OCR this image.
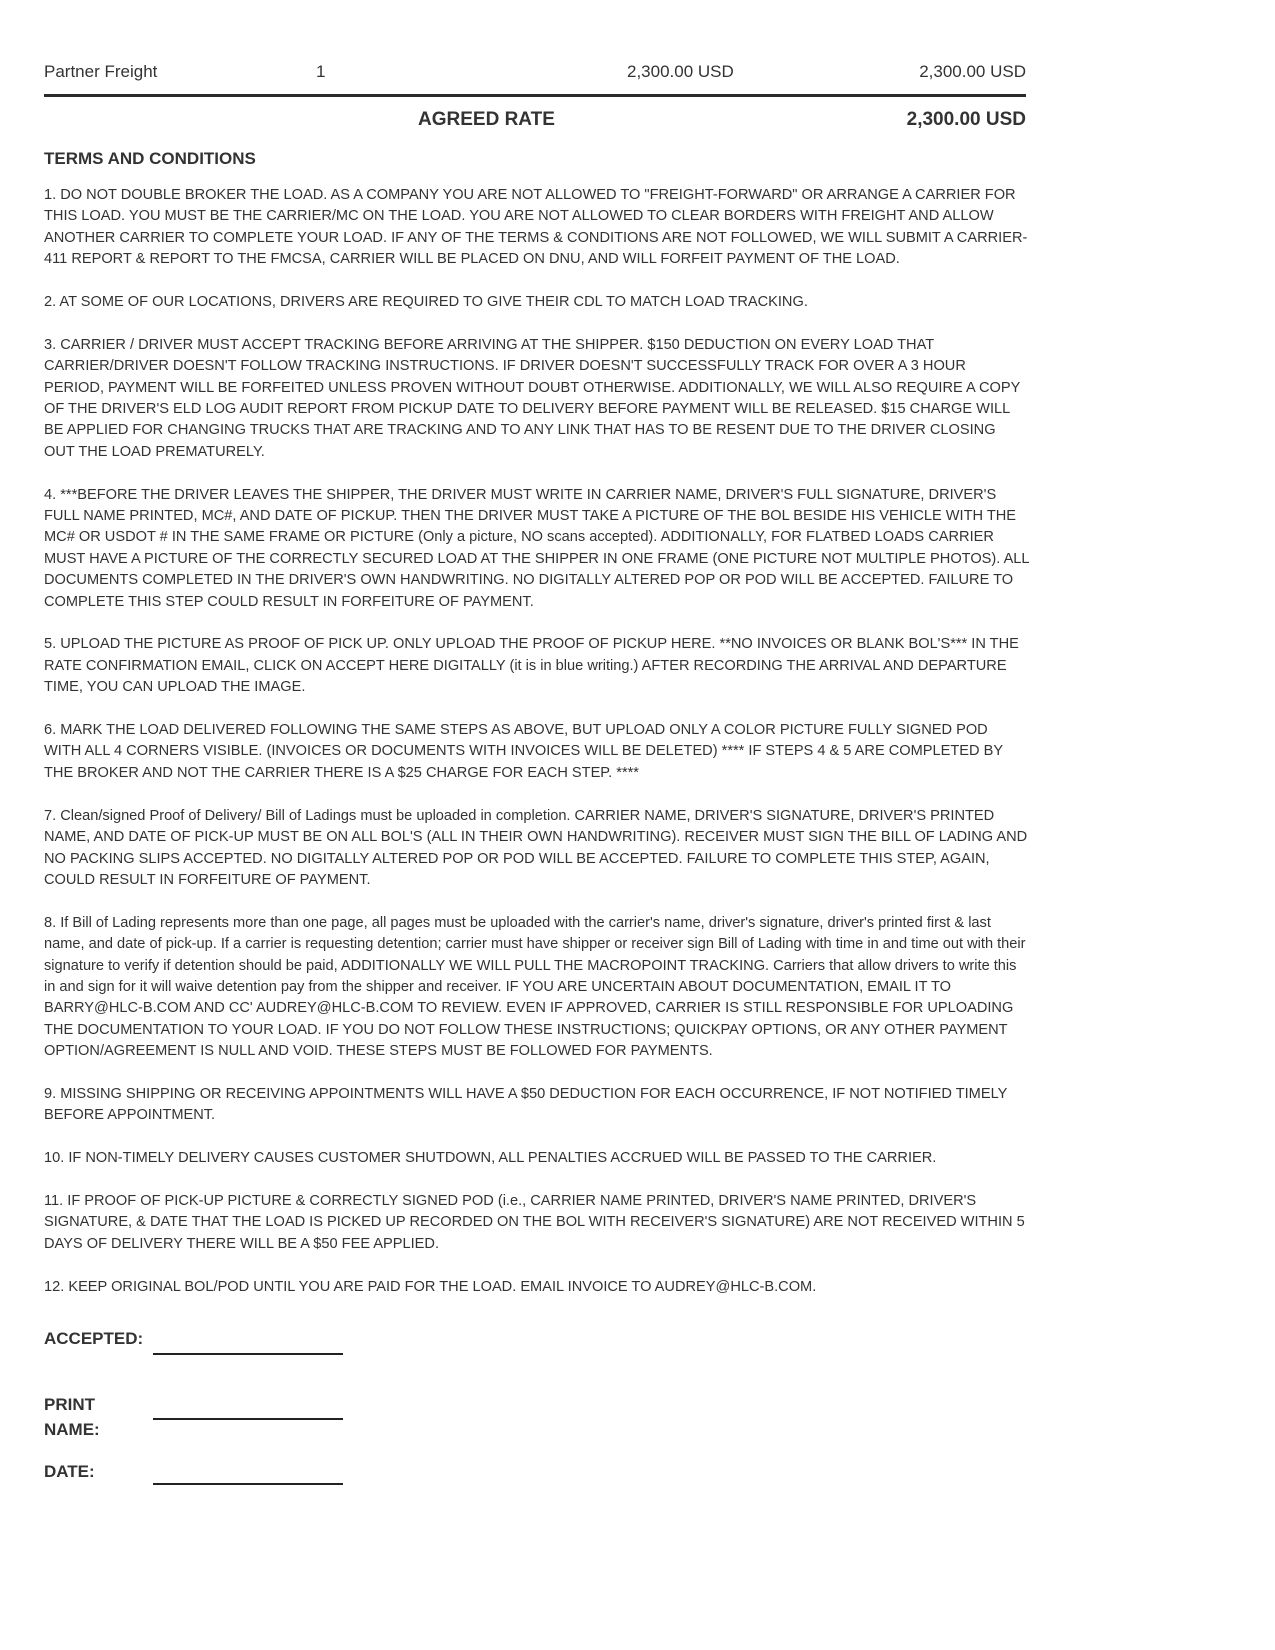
Partner Freight	1	2,300.00 USD	2,300.00 USD
AGREED RATE	2,300.00 USD
TERMS AND CONDITIONS
1. DO NOT DOUBLE BROKER THE LOAD. AS A COMPANY YOU ARE NOT ALLOWED TO "FREIGHT-FORWARD" OR ARRANGE A CARRIER FOR THIS LOAD. YOU MUST BE THE CARRIER/MC ON THE LOAD. YOU ARE NOT ALLOWED TO CLEAR BORDERS WITH FREIGHT AND ALLOW ANOTHER CARRIER TO COMPLETE YOUR LOAD. IF ANY OF THE TERMS & CONDITIONS ARE NOT FOLLOWED, WE WILL SUBMIT A CARRIER-411 REPORT & REPORT TO THE FMCSA, CARRIER WILL BE PLACED ON DNU, AND WILL FORFEIT PAYMENT OF THE LOAD.
2. AT SOME OF OUR LOCATIONS, DRIVERS ARE REQUIRED TO GIVE THEIR CDL TO MATCH LOAD TRACKING.
3. CARRIER / DRIVER MUST ACCEPT TRACKING BEFORE ARRIVING AT THE SHIPPER. $150 DEDUCTION ON EVERY LOAD THAT CARRIER/DRIVER DOESN'T FOLLOW TRACKING INSTRUCTIONS. IF DRIVER DOESN'T SUCCESSFULLY TRACK FOR OVER A 3 HOUR PERIOD, PAYMENT WILL BE FORFEITED UNLESS PROVEN WITHOUT DOUBT OTHERWISE. ADDITIONALLY, WE WILL ALSO REQUIRE A COPY OF THE DRIVER'S ELD LOG AUDIT REPORT FROM PICKUP DATE TO DELIVERY BEFORE PAYMENT WILL BE RELEASED. $15 CHARGE WILL BE APPLIED FOR CHANGING TRUCKS THAT ARE TRACKING AND TO ANY LINK THAT HAS TO BE RESENT DUE TO THE DRIVER CLOSING OUT THE LOAD PREMATURELY.
4. ***BEFORE THE DRIVER LEAVES THE SHIPPER, THE DRIVER MUST WRITE IN CARRIER NAME, DRIVER'S FULL SIGNATURE, DRIVER'S FULL NAME PRINTED, MC#, AND DATE OF PICKUP. THEN THE DRIVER MUST TAKE A PICTURE OF THE BOL BESIDE HIS VEHICLE WITH THE MC# OR USDOT # IN THE SAME FRAME OR PICTURE (Only a picture, NO scans accepted). ADDITIONALLY, FOR FLATBED LOADS CARRIER MUST HAVE A PICTURE OF THE CORRECTLY SECURED LOAD AT THE SHIPPER IN ONE FRAME (ONE PICTURE NOT MULTIPLE PHOTOS). ALL DOCUMENTS COMPLETED IN THE DRIVER'S OWN HANDWRITING. NO DIGITALLY ALTERED POP OR POD WILL BE ACCEPTED. FAILURE TO COMPLETE THIS STEP COULD RESULT IN FORFEITURE OF PAYMENT.
5. UPLOAD THE PICTURE AS PROOF OF PICK UP. ONLY UPLOAD THE PROOF OF PICKUP HERE. **NO INVOICES OR BLANK BOL'S*** IN THE RATE CONFIRMATION EMAIL, CLICK ON ACCEPT HERE DIGITALLY (it is in blue writing.) AFTER RECORDING THE ARRIVAL AND DEPARTURE TIME, YOU CAN UPLOAD THE IMAGE.
6. MARK THE LOAD DELIVERED FOLLOWING THE SAME STEPS AS ABOVE, BUT UPLOAD ONLY A COLOR PICTURE FULLY SIGNED POD WITH ALL 4 CORNERS VISIBLE. (INVOICES OR DOCUMENTS WITH INVOICES WILL BE DELETED) **** IF STEPS 4 & 5 ARE COMPLETED BY THE BROKER AND NOT THE CARRIER THERE IS A $25 CHARGE FOR EACH STEP. ****
7. Clean/signed Proof of Delivery/ Bill of Ladings must be uploaded in completion. CARRIER NAME, DRIVER'S SIGNATURE, DRIVER'S PRINTED NAME, AND DATE OF PICK-UP MUST BE ON ALL BOL'S (ALL IN THEIR OWN HANDWRITING). RECEIVER MUST SIGN THE BILL OF LADING AND NO PACKING SLIPS ACCEPTED. NO DIGITALLY ALTERED POP OR POD WILL BE ACCEPTED. FAILURE TO COMPLETE THIS STEP, AGAIN, COULD RESULT IN FORFEITURE OF PAYMENT.
8. If Bill of Lading represents more than one page, all pages must be uploaded with the carrier's name, driver's signature, driver's printed first & last name, and date of pick-up. If a carrier is requesting detention; carrier must have shipper or receiver sign Bill of Lading with time in and time out with their signature to verify if detention should be paid, ADDITIONALLY WE WILL PULL THE MACROPOINT TRACKING. Carriers that allow drivers to write this in and sign for it will waive detention pay from the shipper and receiver. IF YOU ARE UNCERTAIN ABOUT DOCUMENTATION, EMAIL IT TO BARRY@HLC-B.COM AND CC' AUDREY@HLC-B.COM TO REVIEW. EVEN IF APPROVED, CARRIER IS STILL RESPONSIBLE FOR UPLOADING THE DOCUMENTATION TO YOUR LOAD. IF YOU DO NOT FOLLOW THESE INSTRUCTIONS; QUICKPAY OPTIONS, OR ANY OTHER PAYMENT OPTION/AGREEMENT IS NULL AND VOID. THESE STEPS MUST BE FOLLOWED FOR PAYMENTS.
9. MISSING SHIPPING OR RECEIVING APPOINTMENTS WILL HAVE A $50 DEDUCTION FOR EACH OCCURRENCE, IF NOT NOTIFIED TIMELY BEFORE APPOINTMENT.
10. IF NON-TIMELY DELIVERY CAUSES CUSTOMER SHUTDOWN, ALL PENALTIES ACCRUED WILL BE PASSED TO THE CARRIER.
11. IF PROOF OF PICK-UP PICTURE & CORRECTLY SIGNED POD (i.e., CARRIER NAME PRINTED, DRIVER'S NAME PRINTED, DRIVER'S SIGNATURE, & DATE THAT THE LOAD IS PICKED UP RECORDED ON THE BOL WITH RECEIVER'S SIGNATURE) ARE NOT RECEIVED WITHIN 5 DAYS OF DELIVERY THERE WILL BE A $50 FEE APPLIED.
12. KEEP ORIGINAL BOL/POD UNTIL YOU ARE PAID FOR THE LOAD. EMAIL INVOICE TO AUDREY@HLC-B.COM.
ACCEPTED:
PRINT NAME:
DATE:
